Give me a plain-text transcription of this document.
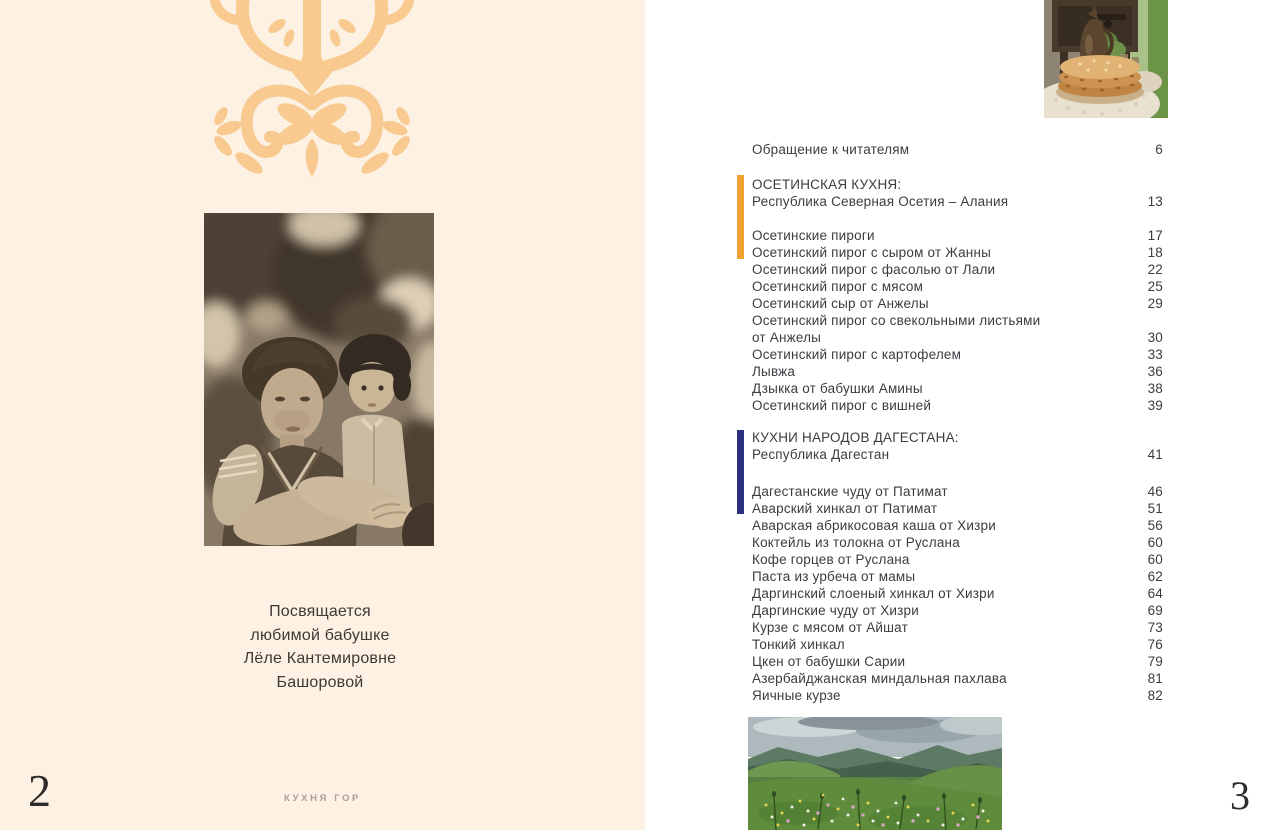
Посвящается
любимой бабушке
Лёле Кантемировне
Башоровой
КУХНЯ ГОР
2
Обращение к читателям	6
ОСЕТИНСКАЯ КУХНЯ:
Республика Северная Осетия – Алания	13
Осетинские пироги	17
Осетинский пирог с сыром от Жанны	18
Осетинский пирог с фасолью от Лали	22
Осетинский пирог с мясом	25
Осетинский сыр от Анжелы	29
Осетинский пирог со свекольными листьями
от Анжелы	30
Осетинский пирог с картофелем	33
Лывжа	36
Дзыкка от бабушки Амины	38
Осетинский пирог с вишней	39
КУХНИ НАРОДОВ ДАГЕСТАНА:
Республика Дагестан	41
Дагестанские чуду от Патимат	46
Аварский хинкал от Патимат	51
Аварская абрикосовая каша от Хизри	56
Коктейль из толокна от Руслана	60
Кофе горцев от Руслана	60
Паста из урбеча от мамы	62
Даргинский слоеный хинкал от Хизри	64
Даргинские чуду от Хизри	69
Курзе с мясом от Айшат	73
Тонкий хинкал	76
Цкен от бабушки Сарии	79
Азербайджанская миндальная пахлава	81
Яичные курзе	82
3
